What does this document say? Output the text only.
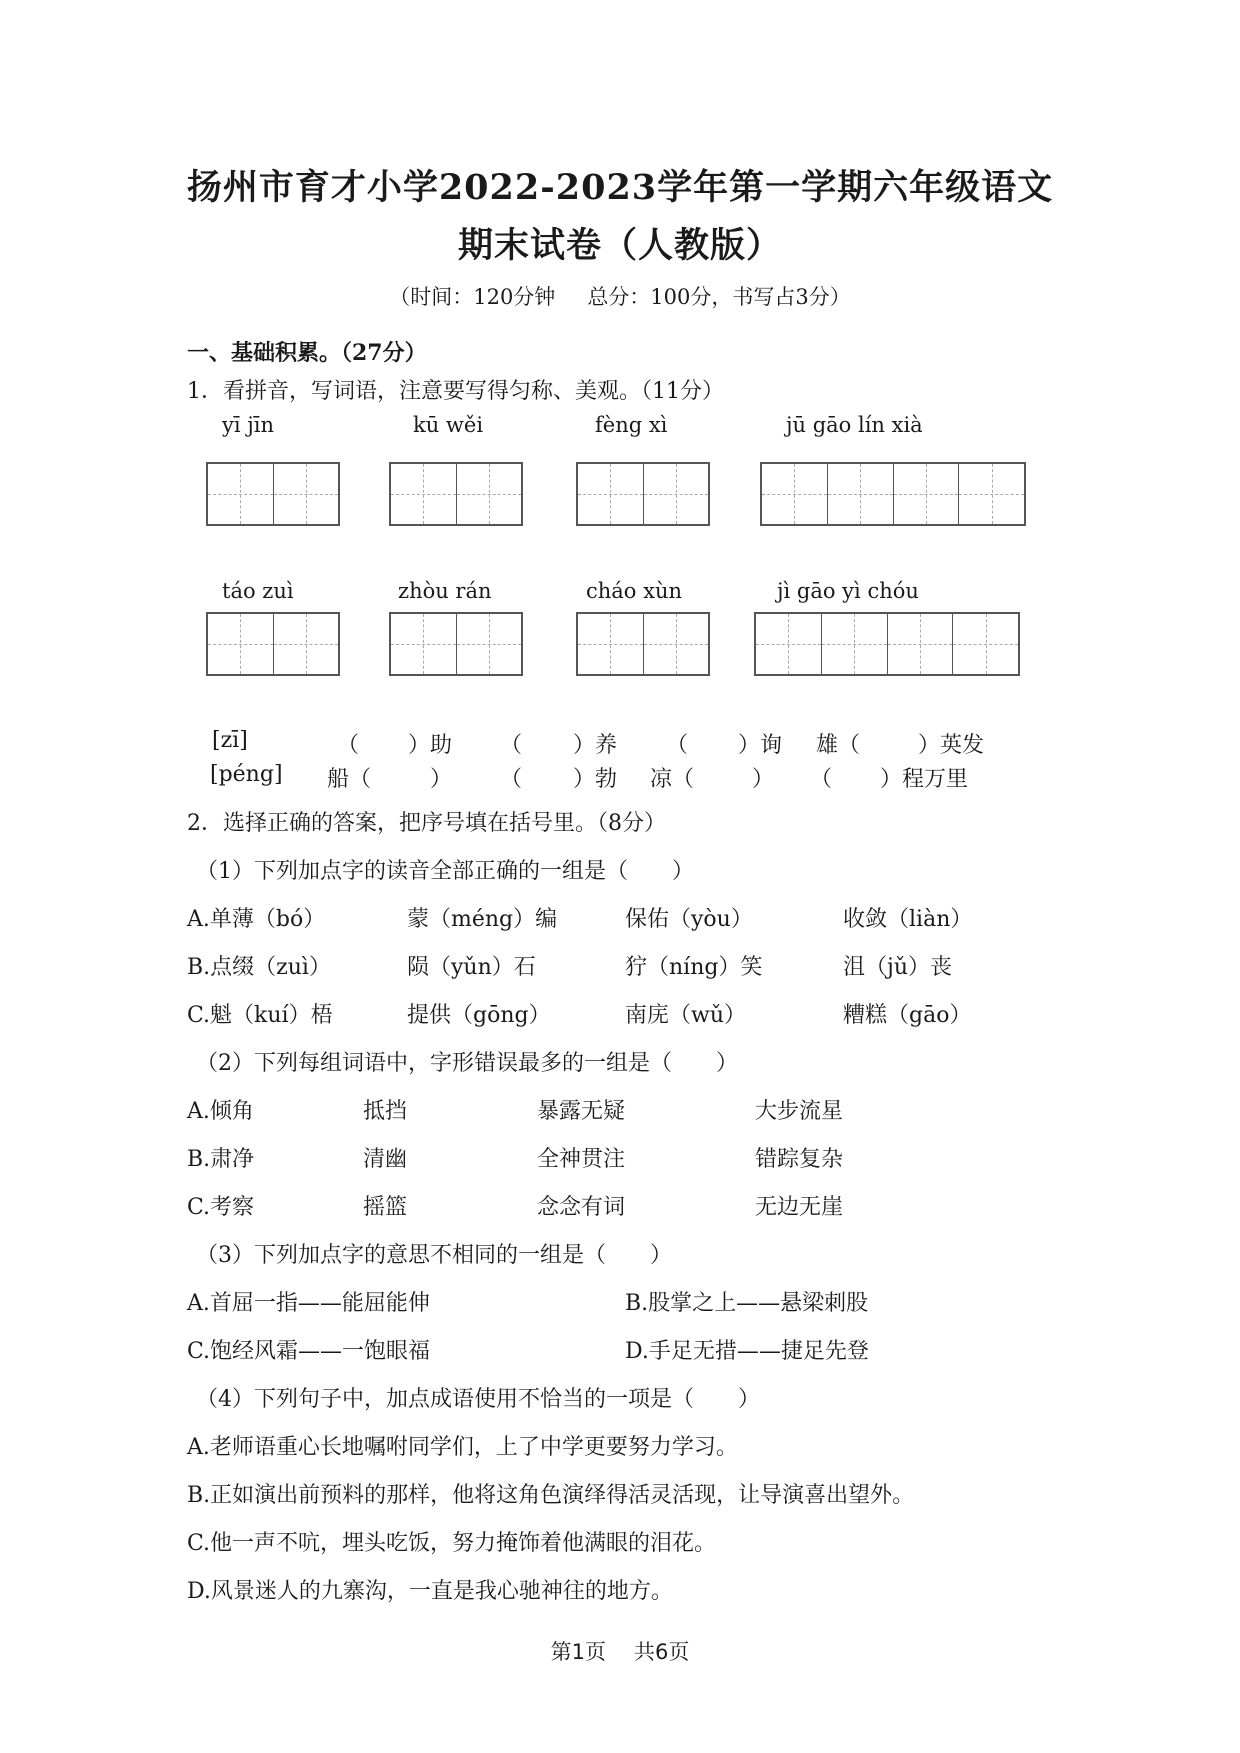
扬州市育才小学2022-2023学年第一学期六年级语文
期末试卷（人教版）
（时间：120分钟 总分：100分，书写占3分）
一、基础积累。（27分）
1．看拼音，写词语，注意要写得匀称、美观。（11分）
yī jīn	kū wěi	fèng xì	jū gāo lín xià
táo zuì	zhòu rán	cháo xùn	jì gāo yì chóu
[zī]	（ ）助 （ ）养 （ ）询 雄（	）英发
[péng] 船（	） （ ）勃 凉（	） （ ）程万里
2．选择正确的答案，把序号填在括号里。（8分）
（1）下列加点字的读音全部正确的一组是（　　）
A.单薄（bó）	蒙（méng）编	保佑（yòu）	收敛（liàn）
B.点缀（zuì）	陨（yǔn）石	狞（níng）笑	沮（jǔ）丧
C.魁（kuí）梧	提供（gōng）	南庑（wǔ）	糟糕（gāo）
（2）下列每组词语中，字形错误最多的一组是（　　）
A.倾角	抵挡	暴露无疑	大步流星
B.肃净	清幽	全神贯注	错踪复杂
C.考察	摇篮	念念有词	无边无崖
（3）下列加点字的意思不相同的一组是（　　）
A.首屈一指——能屈能伸	B.股掌之上——悬梁刺股
C.饱经风霜——一饱眼福	D.手足无措——捷足先登
（4）下列句子中，加点成语使用不恰当的一项是（　　）
A.老师语重心长地嘱咐同学们，上了中学更要努力学习。
B.正如演出前预料的那样，他将这角色演绎得活灵活现，让导演喜出望外。
C.他一声不吭，埋头吃饭，努力掩饰着他满眼的泪花。
D.风景迷人的九寨沟，一直是我心驰神往的地方。
第1页 共6页
